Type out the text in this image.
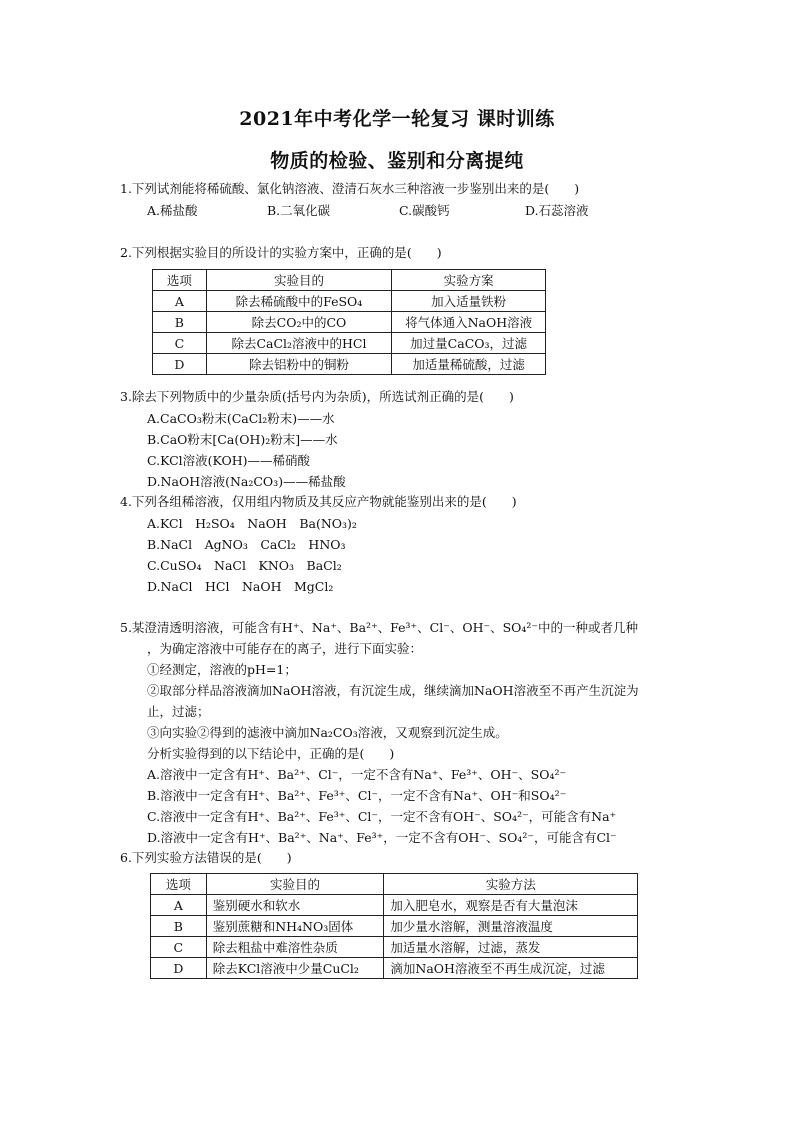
2021年中考化学一轮复习 课时训练
物质的检验、鉴别和分离提纯
1.下列试剂能将稀硫酸、氯化钠溶液、澄清石灰水三种溶液一步鉴别出来的是(　　)
A.稀盐酸	B.二氧化碳	C.碳酸钙	D.石蕊溶液
2.下列根据实验目的所设计的实验方案中，正确的是(　　)
选项	实验目的	实验方案
A	除去稀硫酸中的FeSO₄	加入适量铁粉
B	除去CO₂中的CO	将气体通入NaOH溶液
C	除去CaCl₂溶液中的HCl	加过量CaCO₃，过滤
D	除去铝粉中的铜粉	加适量稀硫酸，过滤
3.除去下列物质中的少量杂质(括号内为杂质)，所选试剂正确的是(　　)
A.CaCO₃粉末(CaCl₂粉末)——水
B.CaO粉末[Ca(OH)₂粉末]——水
C.KCl溶液(KOH)——稀硝酸
D.NaOH溶液(Na₂CO₃)——稀盐酸
4.下列各组稀溶液，仅用组内物质及其反应产物就能鉴别出来的是(　　)
A.KCl　H₂SO₄　NaOH　Ba(NO₃)₂
B.NaCl　AgNO₃　CaCl₂　HNO₃
C.CuSO₄　NaCl　KNO₃　BaCl₂
D.NaCl　HCl　NaOH　MgCl₂
5.某澄清透明溶液，可能含有H⁺、Na⁺、Ba²⁺、Fe³⁺、Cl⁻、OH⁻、SO₄²⁻中的一种或者几种
，为确定溶液中可能存在的离子，进行下面实验：
①经测定，溶液的pH=1；
②取部分样品溶液滴加NaOH溶液，有沉淀生成，继续滴加NaOH溶液至不再产生沉淀为
止，过滤；
③向实验②得到的滤液中滴加Na₂CO₃溶液，又观察到沉淀生成。
分析实验得到的以下结论中，正确的是(　　)
A.溶液中一定含有H⁺、Ba²⁺、Cl⁻，一定不含有Na⁺、Fe³⁺、OH⁻、SO₄²⁻
B.溶液中一定含有H⁺、Ba²⁺、Fe³⁺、Cl⁻，一定不含有Na⁺、OH⁻和SO₄²⁻
C.溶液中一定含有H⁺、Ba²⁺、Fe³⁺、Cl⁻，一定不含有OH⁻、SO₄²⁻，可能含有Na⁺
D.溶液中一定含有H⁺、Ba²⁺、Na⁺、Fe³⁺，一定不含有OH⁻、SO₄²⁻，可能含有Cl⁻
6.下列实验方法错误的是(　　)
选项	实验目的	实验方法
A	鉴别硬水和软水	加入肥皂水，观察是否有大量泡沫
B	鉴别蔗糖和NH₄NO₃固体	加少量水溶解，测量溶液温度
C	除去粗盐中难溶性杂质	加适量水溶解，过滤，蒸发
D	除去KCl溶液中少量CuCl₂	滴加NaOH溶液至不再生成沉淀，过滤
